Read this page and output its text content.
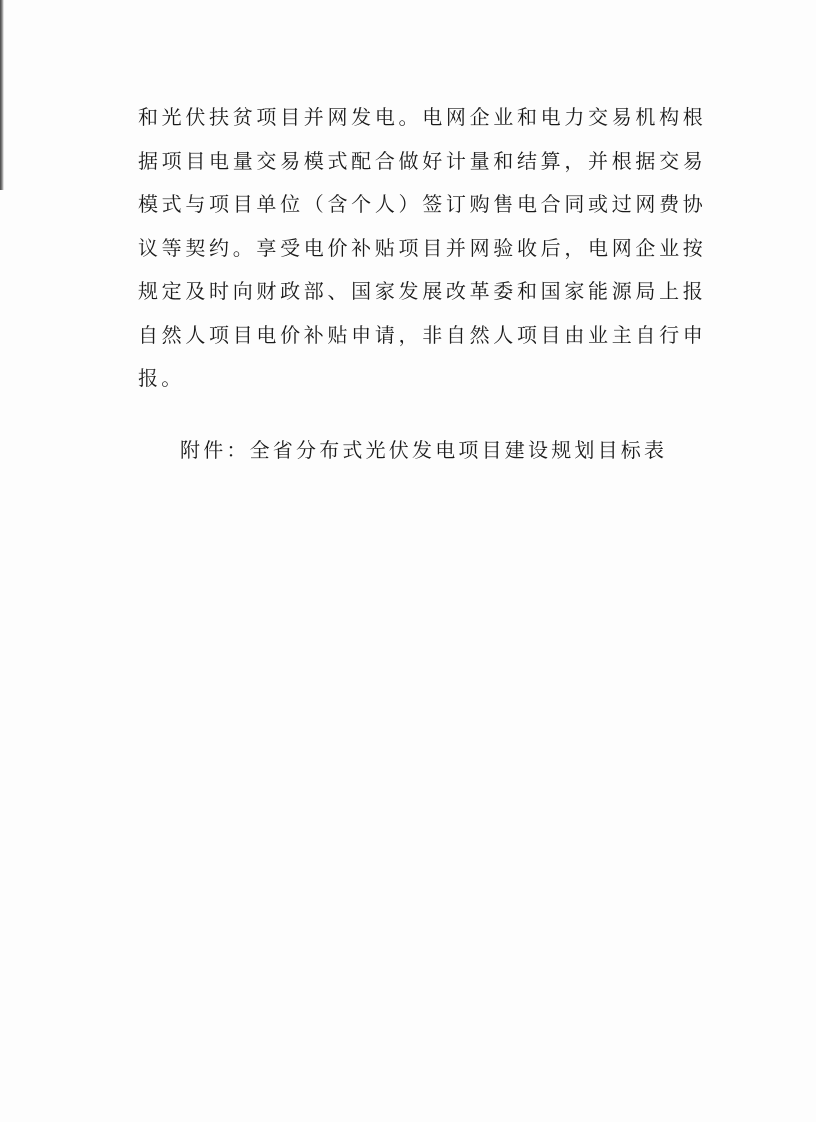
和光伏扶贫项目并网发电。电网企业和电力交易机构根据项目电量交易模式配合做好计量和结算，并根据交易模式与项目单位（含个人）签订购售电合同或过网费协议等契约。享受电价补贴项目并网验收后，电网企业按规定及时向财政部、国家发展改革委和国家能源局上报自然人项目电价补贴申请，非自然人项目由业主自行申报。

附件：全省分布式光伏发电项目建设规划目标表
